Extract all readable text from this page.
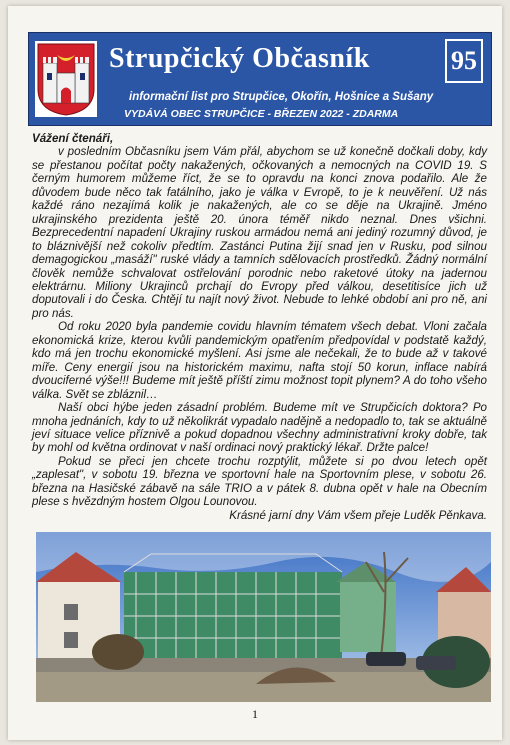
Strupčický Občasník	95
informační list pro Strupčice, Okořín, Hošnice a Sušany
VYDÁVÁ OBEC STRUPČICE - BŘEZEN 2022 - ZDARMA

Vážení čtenáři,

v posledním Občasníku jsem Vám přál, abychom se už konečně dočkali doby, kdy se přestanou počítat počty nakažených, očkovaných a nemocných na COVID 19. S černým humorem můžeme říct, že se to opravdu na konci znova podařilo. Ale že důvodem bude něco tak fatálního, jako je válka v Evropě, to je k neuvěření. Už nás každé ráno nezajímá kolik je nakažených, ale co se děje na Ukrajině. Jméno ukrajinského prezidenta ještě 20. února téměř nikdo neznal. Dnes všichni. Bezprecedentní napadení Ukrajiny ruskou armádou nemá ani jediný rozumný důvod, je to bláznivější než cokoliv předtím. Zastánci Putina žijí snad jen v Rusku, pod silnou demagogickou „masáží" ruské vlády a tamních sdělovacích prostředků. Žádný normální člověk nemůže schvalovat ostřelování porodnic nebo raketové útoky na jadernou elektrárnu. Miliony Ukrajinců prchají do Evropy před válkou, desetitisíce jich už doputovali i do Česka. Chtějí tu najít nový život. Nebude to lehké období ani pro ně, ani pro nás.

Od roku 2020 byla pandemie covidu hlavním tématem všech debat. Vloni začala ekonomická krize, kterou kvůli pandemickým opatřením předpovídal v podstatě každý, kdo má jen trochu ekonomické myšlení. Asi jsme ale nečekali, že to bude až v takové míře. Ceny energií jsou na historickém maximu, nafta stojí 50 korun, inflace nabírá dvouciferné výše!!! Budeme mít ještě příští zimu možnost topit plynem? A do toho všeho válka. Svět se zbláznil…

Naší obci hýbe jeden zásadní problém. Budeme mít ve Strupčicích doktora? Po mnoha jednáních, kdy to už několikrát vypadalo nadějně a nedopadlo to, tak se aktuálně jeví situace velice příznivě a pokud dopadnou všechny administrativní kroky dobře, tak by mohl od května ordinovat v naší ordinaci nový praktický lékař. Držte palce!

Pokud se přeci jen chcete trochu rozptýlit, můžete si po dvou letech opět „zaplesat", v sobotu 19. března ve sportovní hale na Sportovním plese, v sobotu 26. března na Hasičské zábavě na sále TRIO a v pátek 8. dubna opět v hale na Obecním plese s hvězdným hostem Olgou Lounovou.

Krásné jarní dny Vám všem přeje Luděk Pěnkava.

1
